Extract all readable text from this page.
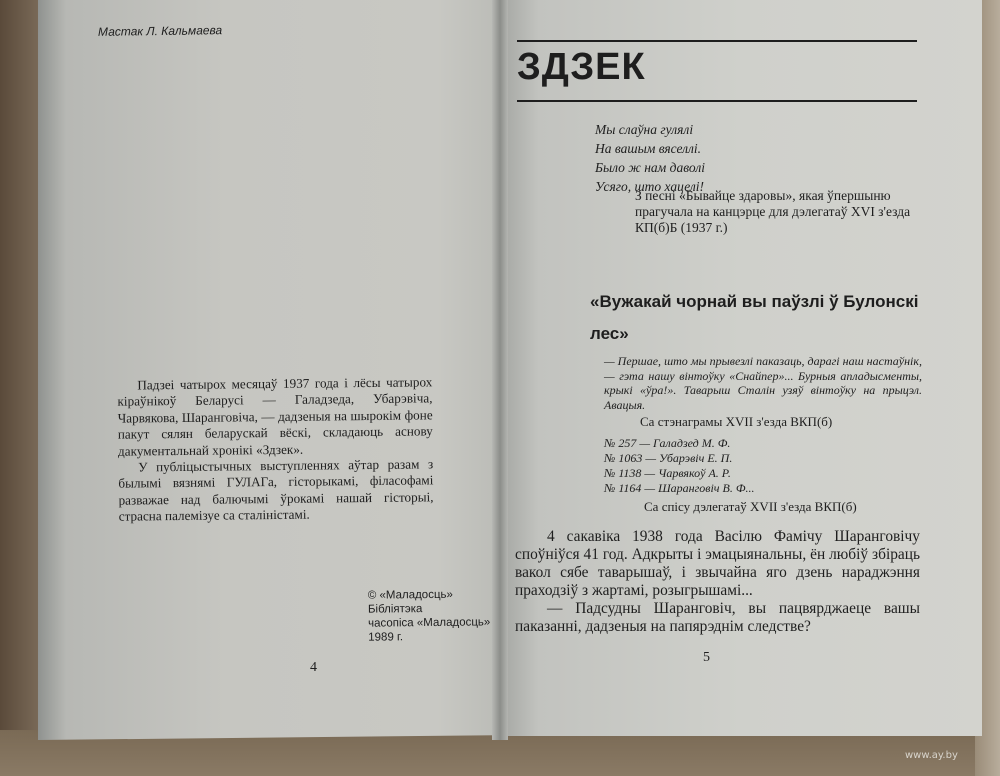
Мастак Л. Кальмаева

Падзеі чатырох месяцаў 1937 года і лёсы чатырох кіраўнікоў Беларусі — Галадзеда, Убарэвіча, Чарвякова, Шаранговіча, — дадзеныя на шырокім фоне пакут сялян беларускай вёскі, складаюць аснову дакументальнай хронікі «Здзек».

У публіцыстычных выступленнях аўтар разам з былымі вязнямі ГУЛАГа, гісторыкамі, філасофамі разважае над балючымі ўрокамі нашай гісторыі, страсна палемізуе са сталіністамі.

© «Маладосць»
Бібліятэка
часопіса «Маладосць»
1989 г.
4
ЗДЗЕК
Мы слаўна гулялі
На вашым вяселлі.
Было ж нам даволі
Усяго, што хацелі!
З песні «Бывайце здаровы», якая ўпершыню прагучала на канцэрце для дэлегатаў XVI з'езда КП(б)Б (1937 г.)
«Вужакай чорнай вы паўзлі ў Булонскі лес»
— Першае, што мы прывезлі паказаць, дарагі наш настаўнік, — гэта нашу вінтоўку «Снайпер»... Бурныя апладысменты, крыкі «ўра!». Таварыш Сталін узяў вінтоўку на прыцэл. Авацыя.
Са стэнаграмы XVII з'езда ВКП(б)
№ 257 — Галадзед М. Ф.
№ 1063 — Убарэвіч Е. П.
№ 1138 — Чарвякоў А. Р.
№ 1164 — Шаранговіч В. Ф...
Са спісу дэлегатаў XVII з'езда ВКП(б)

4 сакавіка 1938 года Васілю Фамічу Шаранговічу споўніўся 41 год. Адкрыты і эмацыянальны, ён любіў збіраць вакол сябе таварышаў, і звычайна яго дзень нараджэння праходзіў з жартамі, розыгрышамі...

— Падсудны Шаранговіч, вы пацвярджаеце вашы паказанні, дадзеныя на папярэднім следстве?

5
www.ay.by
